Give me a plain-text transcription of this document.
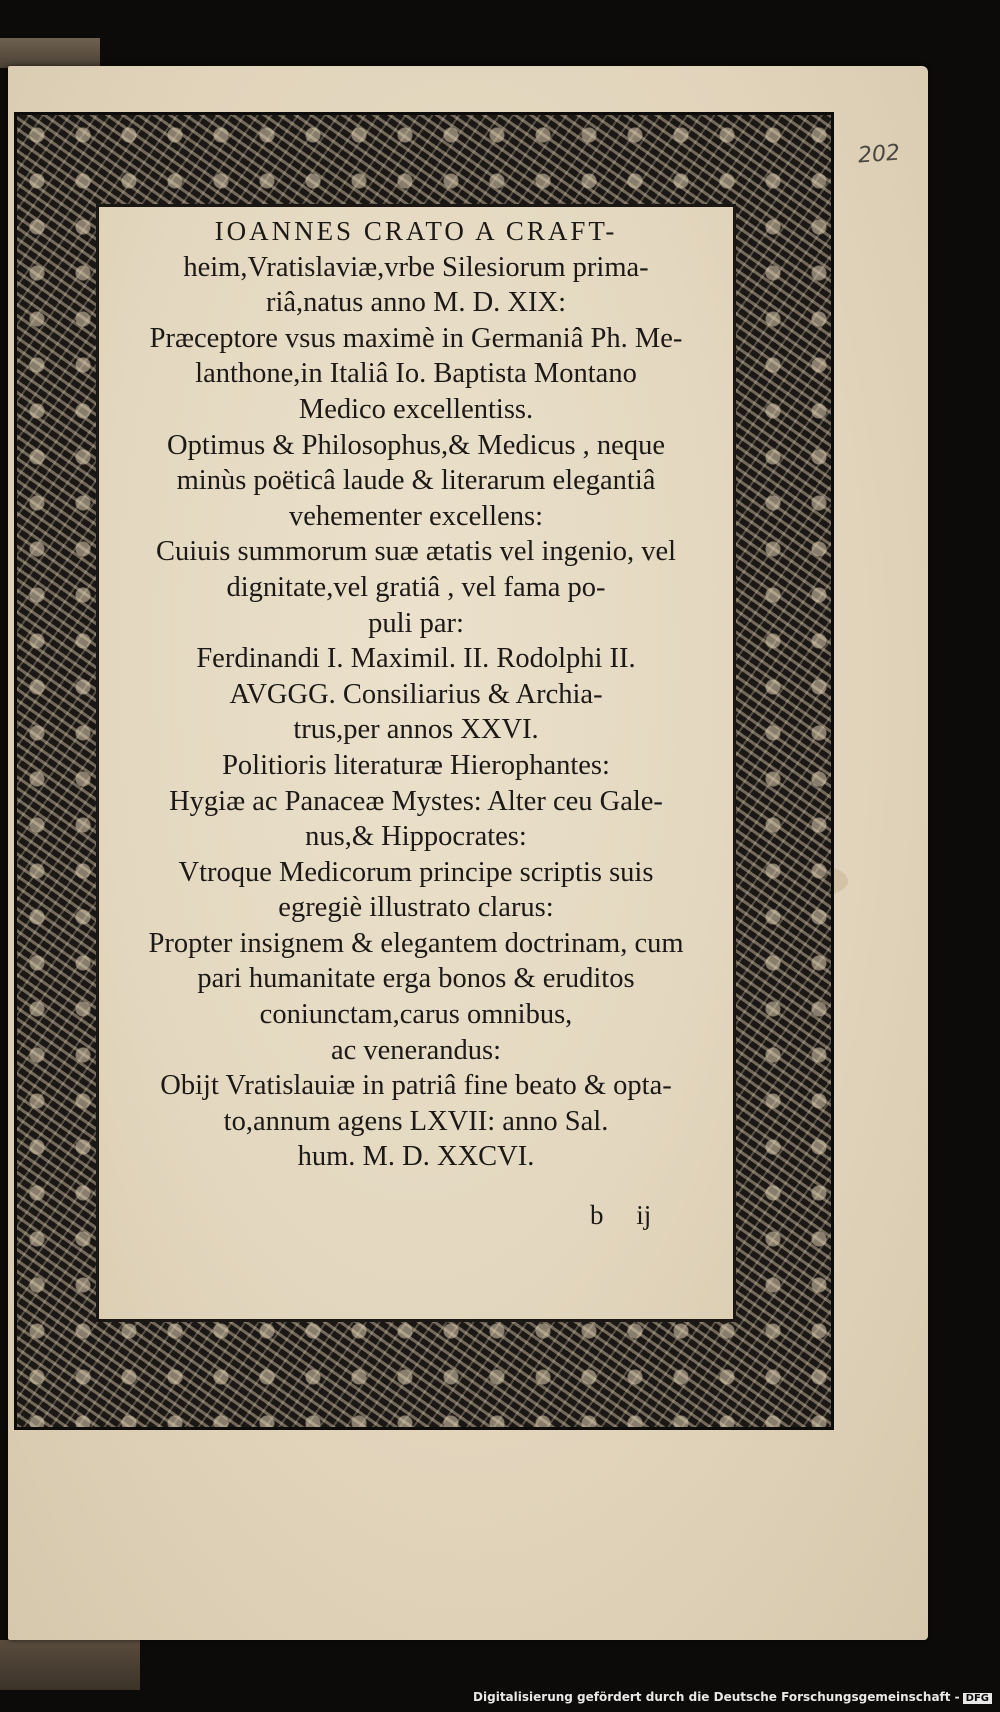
202
IOANNES CRATO A CRAFT-
heim,Vratislaviæ,vrbe Silesiorum prima-
riâ,natus anno M. D. XIX:
Præceptore vsus maximè in Germaniâ Ph. Me-
lanthone,in Italiâ Io. Baptista Montano
Medico excellentiss.
Optimus & Philosophus,& Medicus , neque
minùs poëticâ laude & literarum elegantiâ
vehementer excellens:
Cuiuis summorum suæ ætatis vel ingenio, vel
dignitate,vel gratiâ , vel fama po-
puli par:
Ferdinandi I. Maximil. II. Rodolphi II.
AVGGG. Consiliarius & Archia-
trus,per annos XXVI.
Politioris literaturæ Hierophantes:
Hygiæ ac Panaceæ Mystes: Alter ceu Gale-
nus,& Hippocrates:
Vtroque Medicorum principe scriptis suis
egregiè illustrato clarus:
Propter insignem & elegantem doctrinam, cum
pari humanitate erga bonos & eruditos
coniunctam,carus omnibus,
ac venerandus:
Obijt Vratislauiæ in patriâ fine beato & opta-
to,annum agens LXVII: anno Sal.
hum. M. D. XXCVI.
b ij
Digitalisierung gefördert durch die Deutsche Forschungsgemeinschaft - DFG
